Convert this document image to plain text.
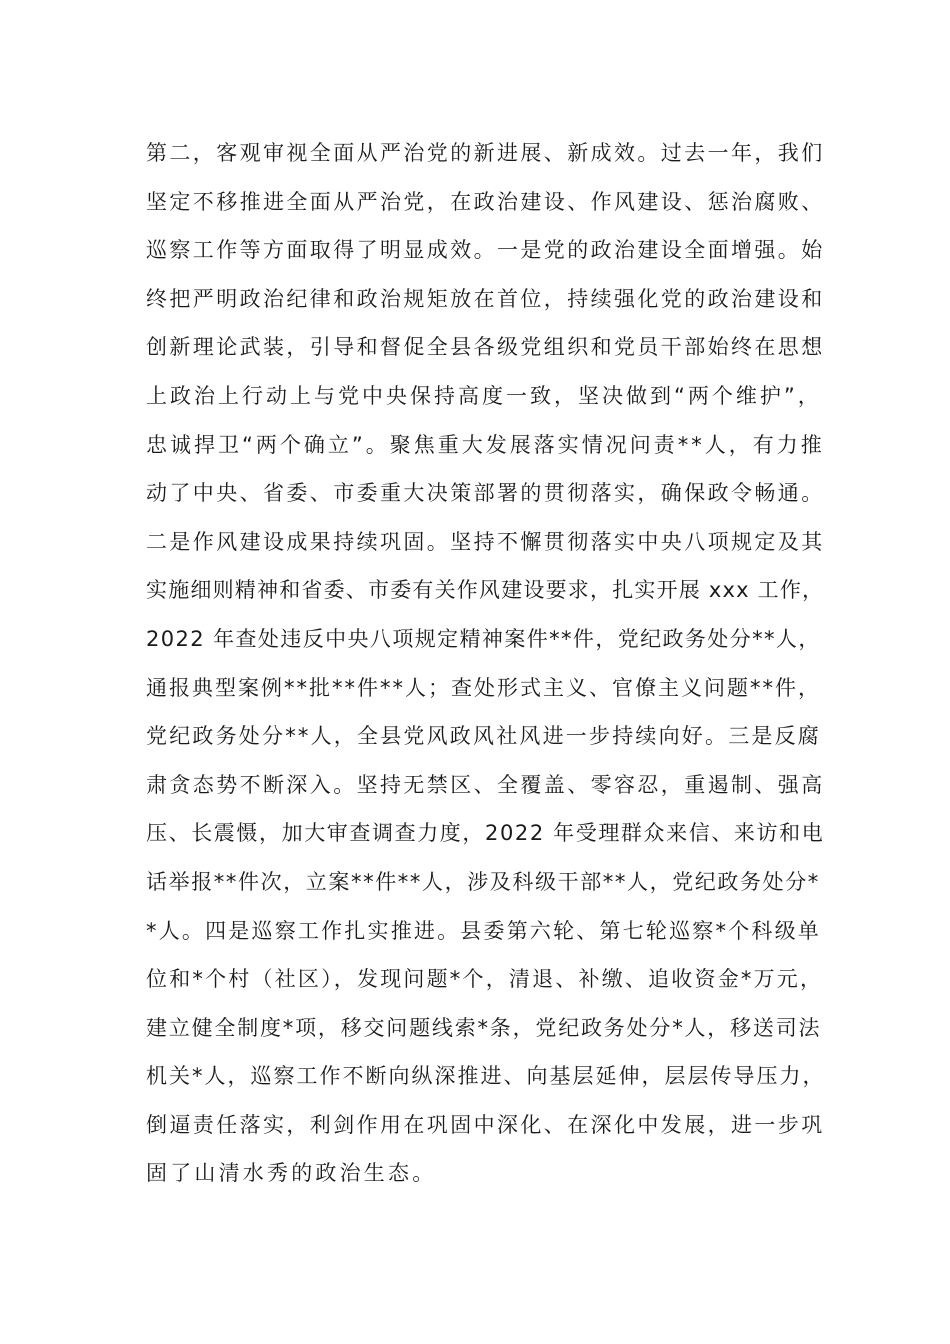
第二，客观审视全面从严治党的新进展、新成效。过去一年，我们
坚定不移推进全面从严治党，在政治建设、作风建设、惩治腐败、
巡察工作等方面取得了明显成效。一是党的政治建设全面增强。始
终把严明政治纪律和政治规矩放在首位，持续强化党的政治建设和
创新理论武装，引导和督促全县各级党组织和党员干部始终在思想
上政治上行动上与党中央保持高度一致，坚决做到“两个维护”，
忠诚捍卫“两个确立”。聚焦重大发展落实情况问责**人，有力推
动了中央、省委、市委重大决策部署的贯彻落实，确保政令畅通。
二是作风建设成果持续巩固。坚持不懈贯彻落实中央八项规定及其
实施细则精神和省委、市委有关作风建设要求，扎实开展 xxx 工作，
2022 年查处违反中央八项规定精神案件**件，党纪政务处分**人，
通报典型案例**批**件**人；查处形式主义、官僚主义问题**件，
党纪政务处分**人，全县党风政风社风进一步持续向好。三是反腐
肃贪态势不断深入。坚持无禁区、全覆盖、零容忍，重遏制、强高
压、长震慑，加大审查调查力度，2022 年受理群众来信、来访和电
话举报**件次，立案**件**人，涉及科级干部**人，党纪政务处分*
*人。四是巡察工作扎实推进。县委第六轮、第七轮巡察*个科级单
位和*个村（社区），发现问题*个，清退、补缴、追收资金*万元，
建立健全制度*项，移交问题线索*条，党纪政务处分*人，移送司法
机关*人，巡察工作不断向纵深推进、向基层延伸，层层传导压力，
倒逼责任落实，利剑作用在巩固中深化、在深化中发展，进一步巩
固了山清水秀的政治生态。
